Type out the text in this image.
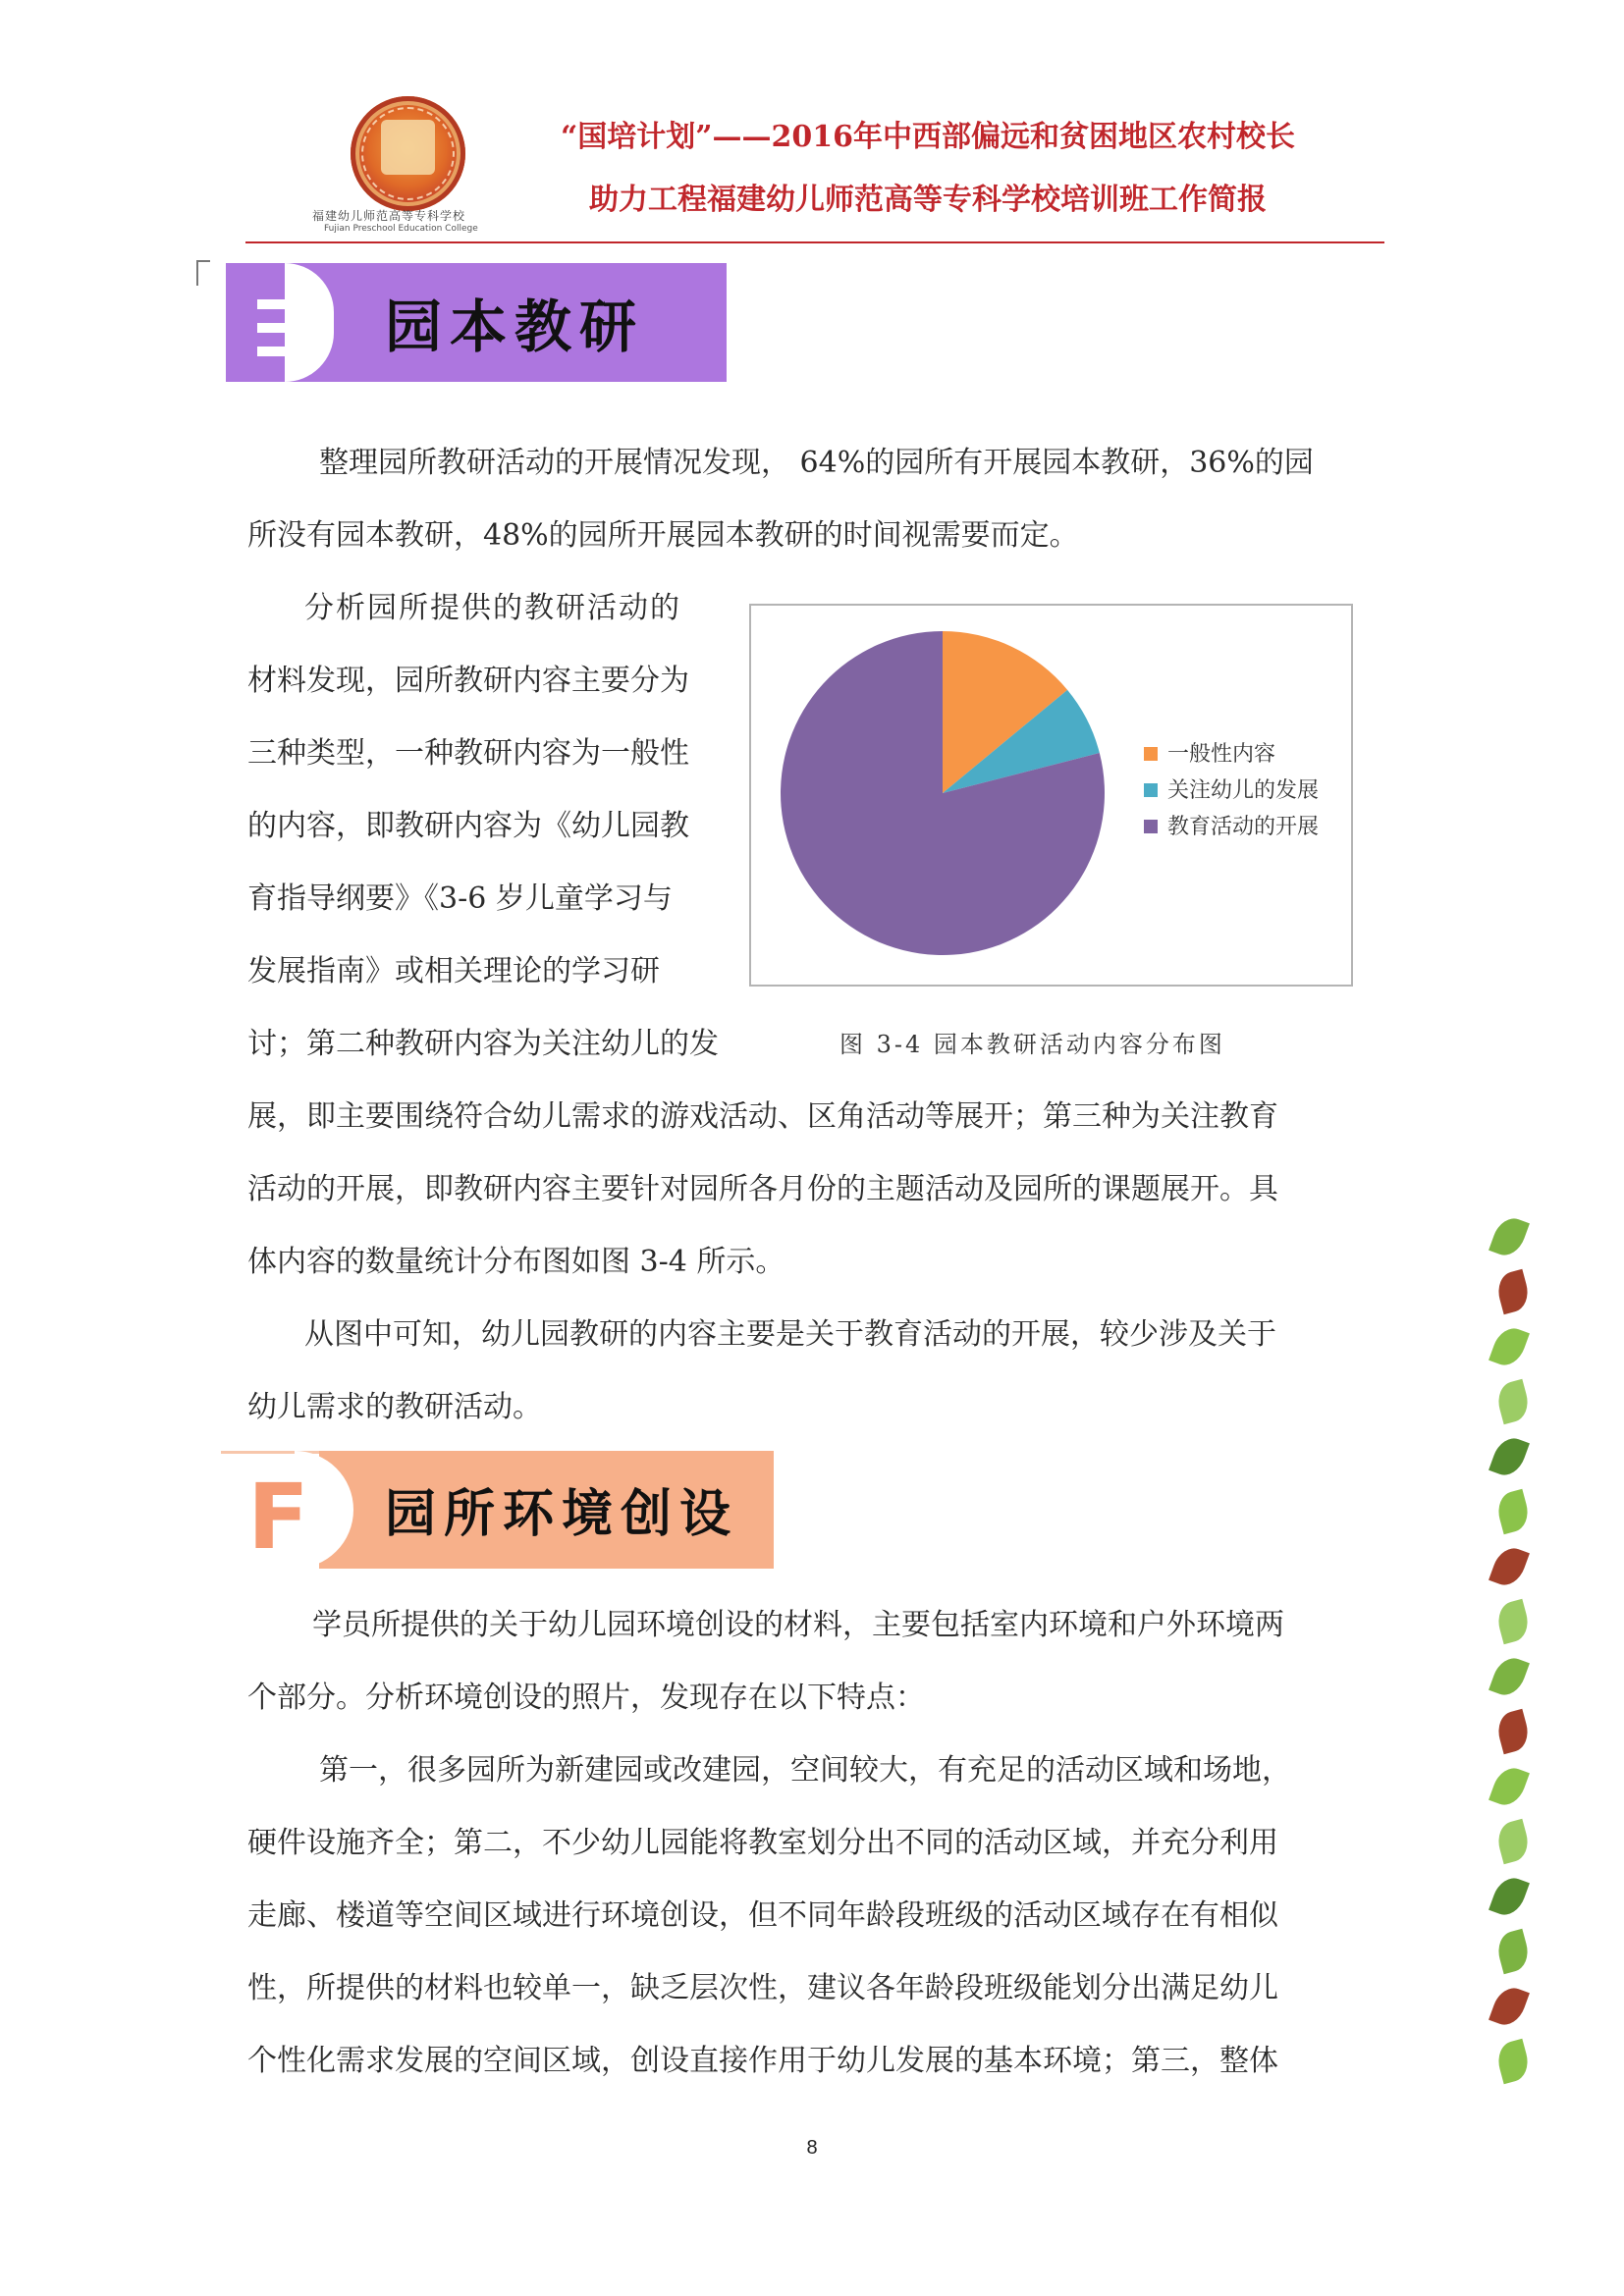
福建幼儿师范高等专科学校
Fujian Preschool Education College
“国培计划”——2016年中西部偏远和贫困地区农村校长
助力工程福建幼儿师范高等专科学校培训班工作简报
园本教研
整理园所教研活动的开展情况发现， 64%的园所有开展园本教研，36%的园
所没有园本教研，48%的园所开展园本教研的时间视需要而定。
分析园所提供的教研活动的
材料发现，园所教研内容主要分为
三种类型，一种教研内容为一般性
的内容，即教研内容为《幼儿园教
育指导纲要》《3-6 岁儿童学习与
发展指南》或相关理论的学习研
讨；第二种教研内容为关注幼儿的发
展，即主要围绕符合幼儿需求的游戏活动、区角活动等展开；第三种为关注教育
活动的开展，即教研内容主要针对园所各月份的主题活动及园所的课题展开。具
体内容的数量统计分布图如图 3-4 所示。
从图中可知，幼儿园教研的内容主要是关于教育活动的开展，较少涉及关于
幼儿需求的教研活动。
一般性内容
关注幼儿的发展
教育活动的开展
图 3-4 园本教研活动内容分布图
F 园所环境创设
学员所提供的关于幼儿园环境创设的材料，主要包括室内环境和户外环境两
个部分。分析环境创设的照片，发现存在以下特点：
第一，很多园所为新建园或改建园，空间较大，有充足的活动区域和场地，
硬件设施齐全；第二，不少幼儿园能将教室划分出不同的活动区域，并充分利用
走廊、楼道等空间区域进行环境创设，但不同年龄段班级的活动区域存在有相似
性，所提供的材料也较单一，缺乏层次性，建议各年龄段班级能划分出满足幼儿
个性化需求发展的空间区域，创设直接作用于幼儿发展的基本环境；第三，整体
8
